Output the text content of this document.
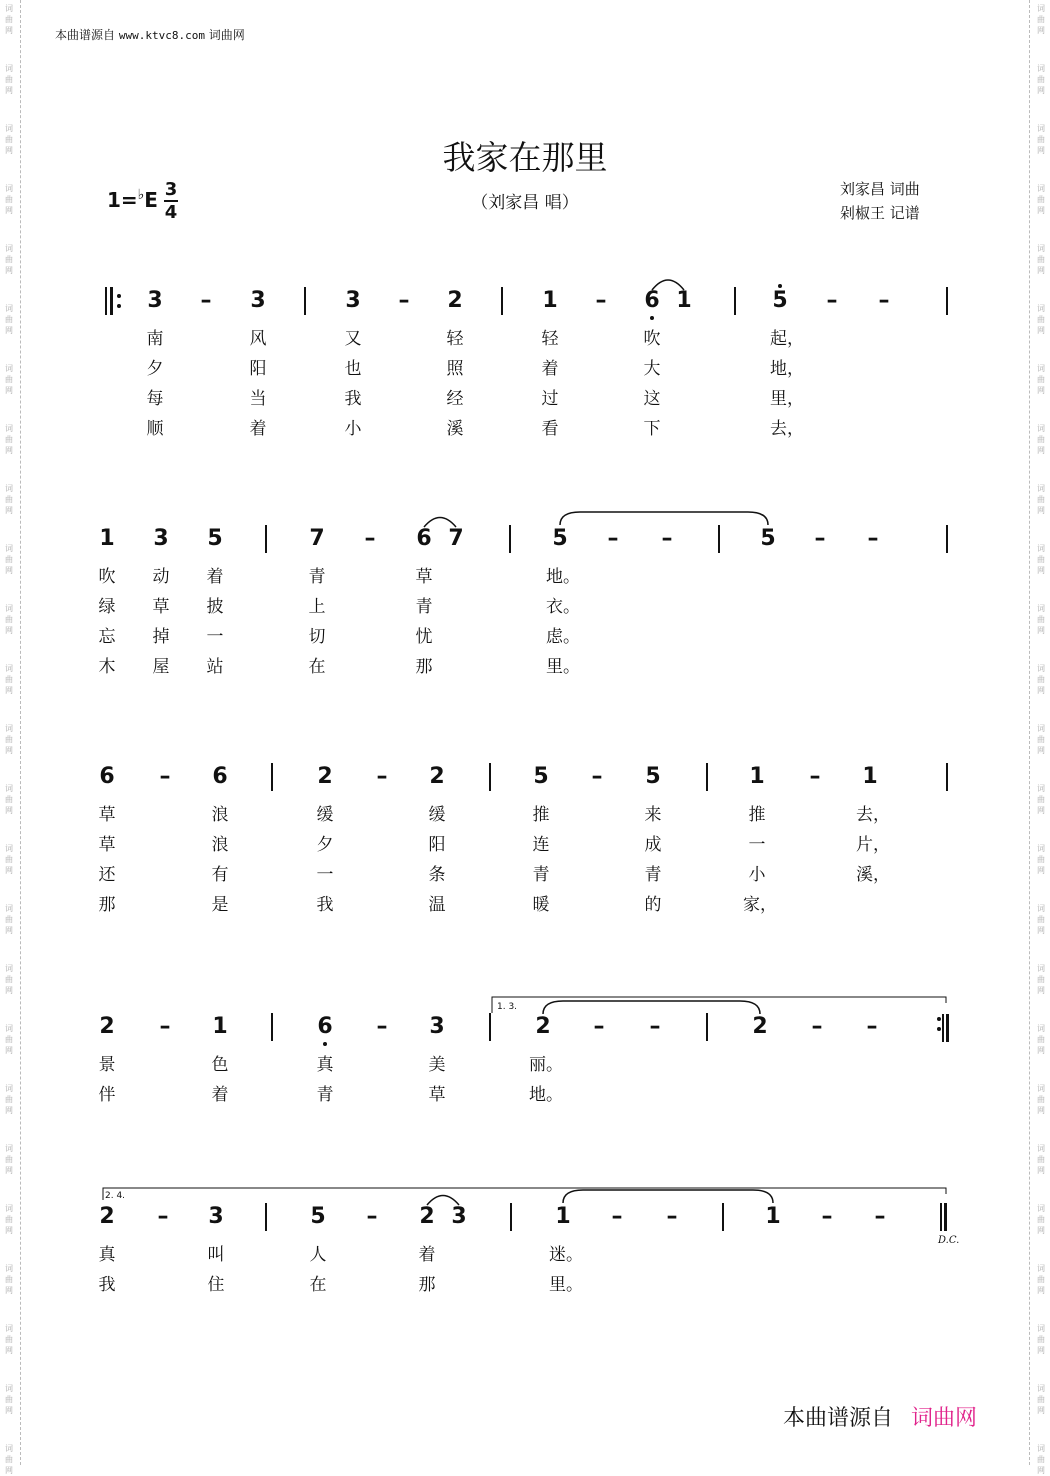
词
曲
网
词
曲
网
词
曲
网
词
曲
网
词
曲
网
词
曲
网
词
曲
网
词
曲
网
词
曲
网
词
曲
网
词
曲
网
词
曲
网
词
曲
网
词
曲
网
词
曲
网
词
曲
网
词
曲
网
词
曲
网
词
曲
网
词
曲
网
词
曲
网
词
曲
网
词
曲
网
词
曲
网
词
曲
网
词
曲
网
词
曲
网
词
曲
网
词
曲
网
词
曲
网
词
曲
网
词
曲
网
词
曲
网
词
曲
网
词
曲
网
词
曲
网
词
曲
网
词
曲
网
词
曲
网
词
曲
网
词
曲
网
词
曲
网
词
曲
网
词
曲
网
词
曲
网
词
曲
网
词
曲
网
词
曲
网
词
曲
网
词
曲
网
本曲谱源自 www.ktvc8.com 词曲网
我家在那里
（刘家昌 唱）
刘家昌 词曲
剁椒王 记谱
1=♭E 3
4
3 – 3	3 – 2	1 – 6 1	5 – –
南	风	又	轻	轻	吹	起，
夕	阳	也	照	着	大	地，
每	当	我	经	过	这	里，
顺	着	小	溪	看	下	去，
1 3 5	7 – 6 7	5 – –	5 – –
吹	动	着	青	草	地。
绿	草	披	上	青	衣。
忘	掉	一	切	忧	虑。
木	屋	站	在	那	里。
6 – 6	2 – 2	5 – 5	1 – 1
草	浪	缓	缓	推	来	推	去，
草	浪	夕	阳	连	成	一	片，
还	有	一	条	青	青	小	溪，
那	是	我	温	暖	的	家，
2 – 1	6 – 3	2 – –	2 – –
景	色	真	美	丽。
伴	着	青	草	地。
2 – 3	5 – 2 3	1 – –	1 – –
真	叫	人	着	迷。
我	住	在	那	里。
1. 3.
2. 4.
D.C.
本曲谱源自 词曲网
